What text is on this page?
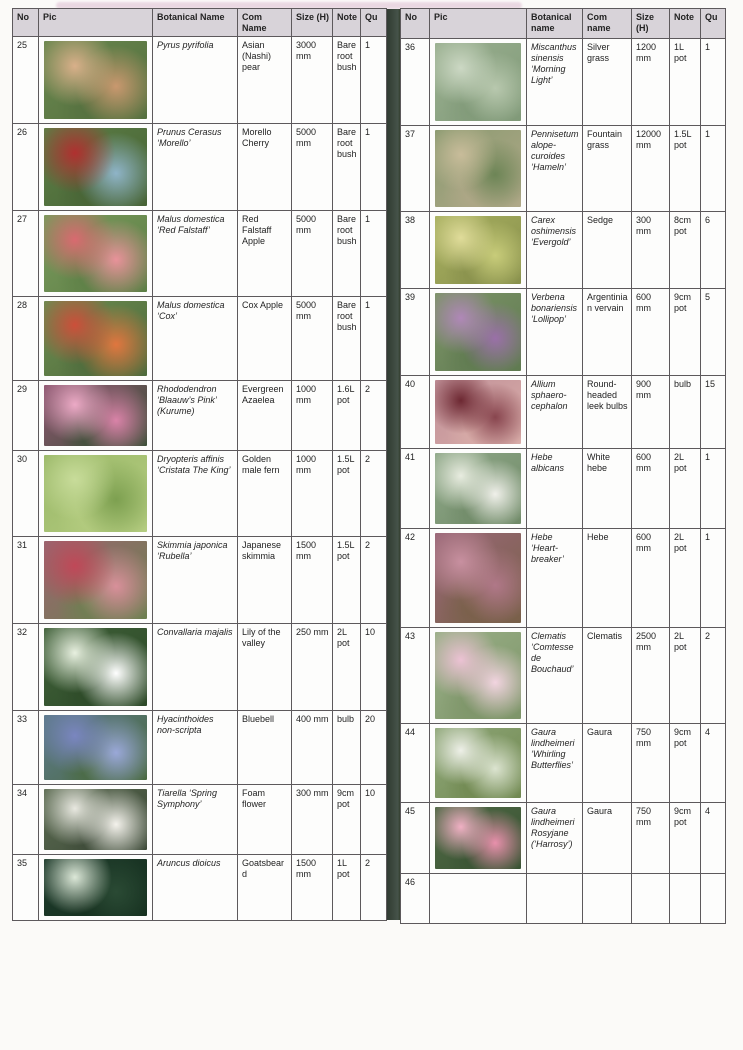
No	Pic	Botanical Name	Com Name	Size (H)	Note	Qu
25		Pyrus pyrifolia	Asian (Nashi) pear	3000 mm	Bare root bush	1
26		Prunus Cerasus ‘Morello’	Morello Cherry	5000 mm	Bare root bush	1
27		Malus domestica ‘Red Falstaff’	Red Falstaff Apple	5000 mm	Bare root bush	1
28		Malus domestica ‘Cox’	Cox Apple	5000 mm	Bare root bush	1
29		Rhododendron ‘Blaauw’s Pink’ (Kurume)	Evergreen Azaelea	1000 mm	1.6L pot	2
30		Dryopteris affinis ‘Cristata The King’	Golden male fern	1000 mm	1.5L pot	2
31		Skimmia japonica ‘Rubella’	Japanese skimmia	1500 mm	1.5L pot	2
32		Convallaria majalis	Lily of the valley	250 mm	2L pot	10
33		Hyacinthoides non-scripta	Bluebell	400 mm	bulb	20
34		Tiarella ‘Spring Symphony’	Foam flower	300 mm	9cm pot	10
35		Aruncus dioicus	Goatsbeard	1500 mm	1L pot	2
No	Pic	Botanical name	Com name	Size (H)	Note	Qu
36		Miscanthus sinensis ‘Morning Light’	Silver grass	1200 mm	1L pot	1
37		Pennisetum alope-curoides ‘Hameln’	Fountain grass	12000 mm	1.5L pot	1
38		Carex oshimensis ‘Evergold’	Sedge	300 mm	8cm pot	6
39		Verbena bonariensis ‘Lollipop’	Argentinian vervain	600 mm	9cm pot	5
40		Allium sphaero-cephalon	Round-headed leek bulbs	900 mm	bulb	15
41		Hebe albicans	White hebe	600 mm	2L pot	1
42		Hebe ‘Heart-breaker’	Hebe	600 mm	2L pot	1
43		Clematis ‘Comtesse de Bouchaud’	Clematis	2500 mm	2L pot	2
44		Gaura lindheimeri ‘Whirling Butterflies’	Gaura	750 mm	9cm pot	4
45		Gaura lindheimeri Rosyjane (‘Harrosy’)	Gaura	750 mm	9cm pot	4
46						
